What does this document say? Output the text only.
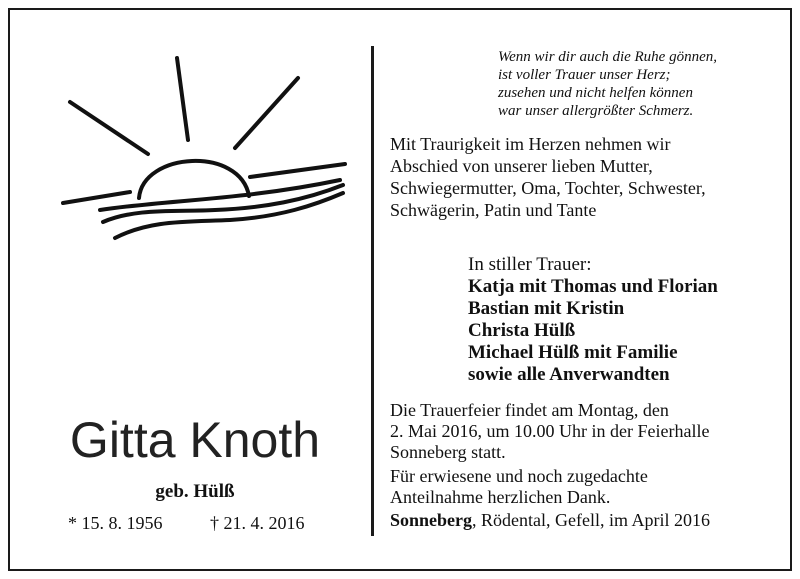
Gitta Knoth
geb. Hülß
* 15. 8. 1956	† 21. 4. 2016
Wenn wir dir auch die Ruhe gönnen,
ist voller Trauer unser Herz;
zusehen und nicht helfen können
war unser allergrößter Schmerz.
Mit Traurigkeit im Herzen nehmen wir
Abschied von unserer lieben Mutter,
Schwiegermutter, Oma, Tochter, Schwester,
Schwägerin, Patin und Tante
In stiller Trauer:
Katja mit Thomas und Florian
Bastian mit Kristin
Christa Hülß
Michael Hülß mit Familie
sowie alle Anverwandten
Die Trauerfeier findet am Montag, den
2. Mai 2016, um 10.00 Uhr in der Feierhalle
Sonneberg statt.
Für erwiesene und noch zugedachte
Anteilnahme herzlichen Dank.
Sonneberg, Rödental, Gefell, im April 2016
